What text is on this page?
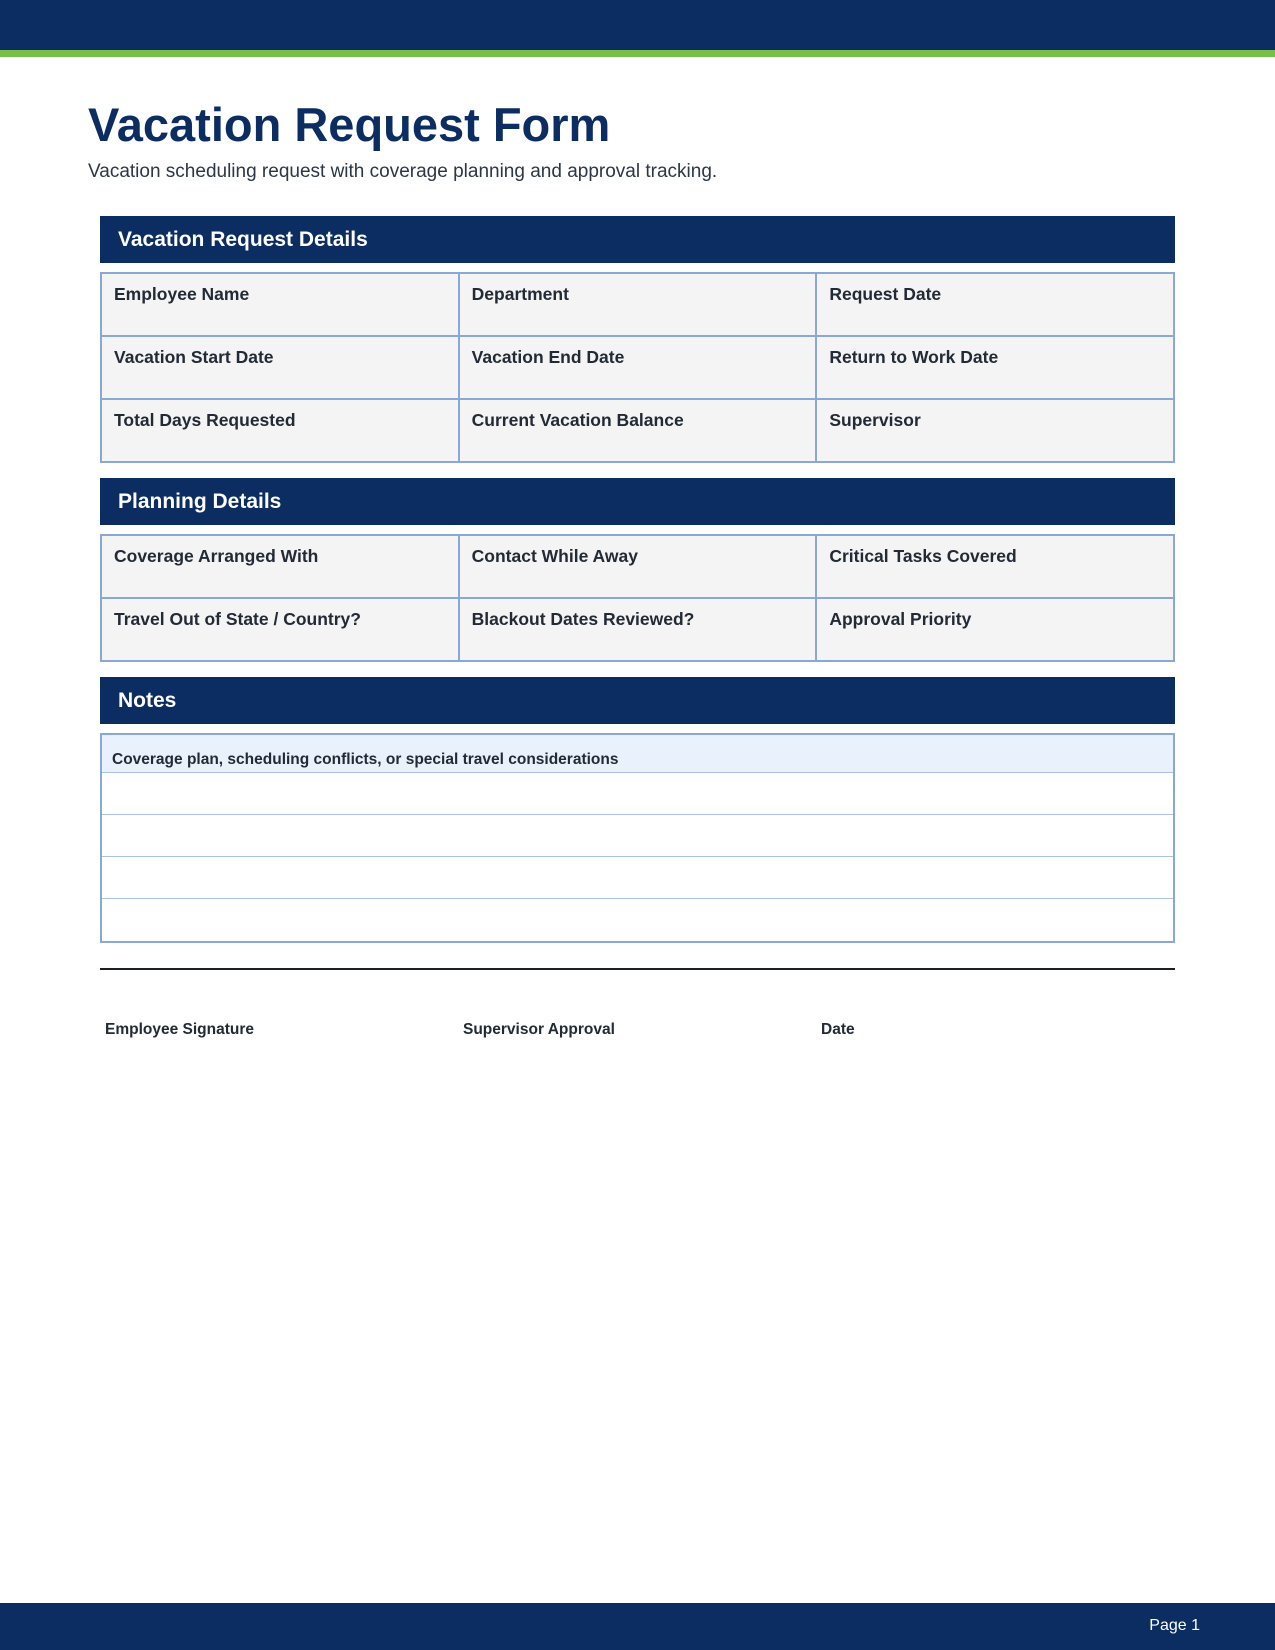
Vacation Request Form

Vacation scheduling request with coverage planning and approval tracking.

Vacation Request Details
Employee Name	Department	Request Date
Vacation Start Date	Vacation End Date	Return to Work Date
Total Days Requested	Current Vacation Balance	Supervisor
Planning Details
Coverage Arranged With	Contact While Away	Critical Tasks Covered
Travel Out of State / Country?	Blackout Dates Reviewed?	Approval Priority
Notes
Coverage plan, scheduling conflicts, or special travel considerations
Employee Signature	Supervisor Approval	Date
Page 1
